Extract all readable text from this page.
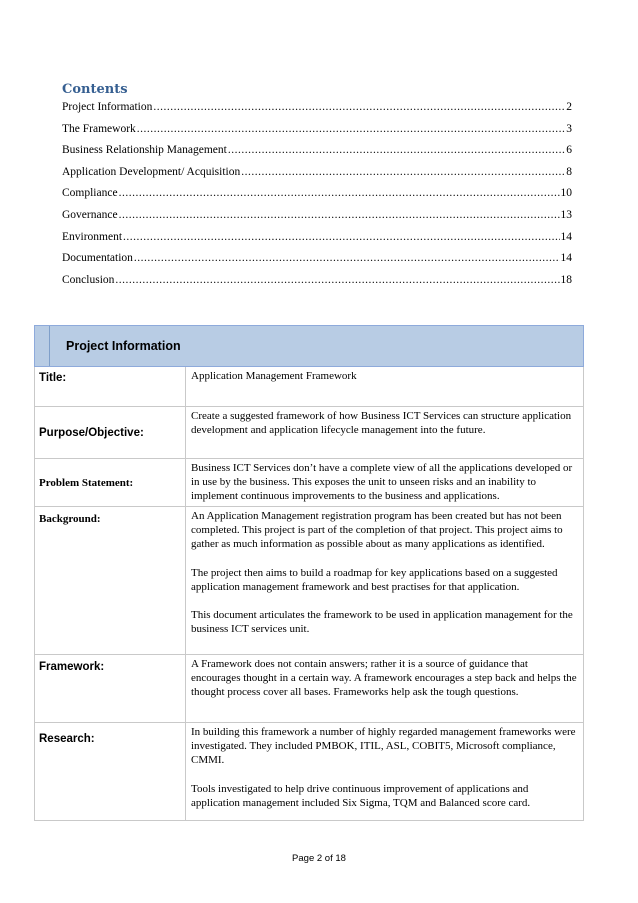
Contents
Project Information .....	2
The Framework .....	3
Business Relationship Management .....	6
Application Development/ Acquisition .....	8
Compliance .....	10
Governance .....	13
Environment .....	14
Documentation .....	14
Conclusion .....	18
Project Information	

Title:	Application Management Framework

Purpose/Objective:	Create a suggested framework of how Business ICT Services can structure application development and application lifecycle management into the future.

Problem Statement:	Business ICT Services don’t have a complete view of all the applications developed or in use by the business. This exposes the unit to unseen risks and an inability to implement continuous improvements to the business and applications.

Background:	An Application Management registration program has been created but has not been completed. This project is part of the completion of that project. This project aims to gather as much information as possible about as many applications as identified.

The project then aims to build a roadmap for key applications based on a suggested application management framework and best practises for that application.

This document articulates the framework to be used in application management for the business ICT services unit.

Framework:	A Framework does not contain answers; rather it is a source of guidance that encourages thought in a certain way. A framework encourages a step back and helps the thought process cover all bases. Frameworks help ask the tough questions.

Research:	In building this framework a number of highly regarded management frameworks were investigated. They included PMBOK, ITIL, ASL, COBIT5, Microsoft compliance, CMMI.

Tools investigated to help drive continuous improvement of applications and application management included Six Sigma, TQM and Balanced score card.

Page 2 of 18
